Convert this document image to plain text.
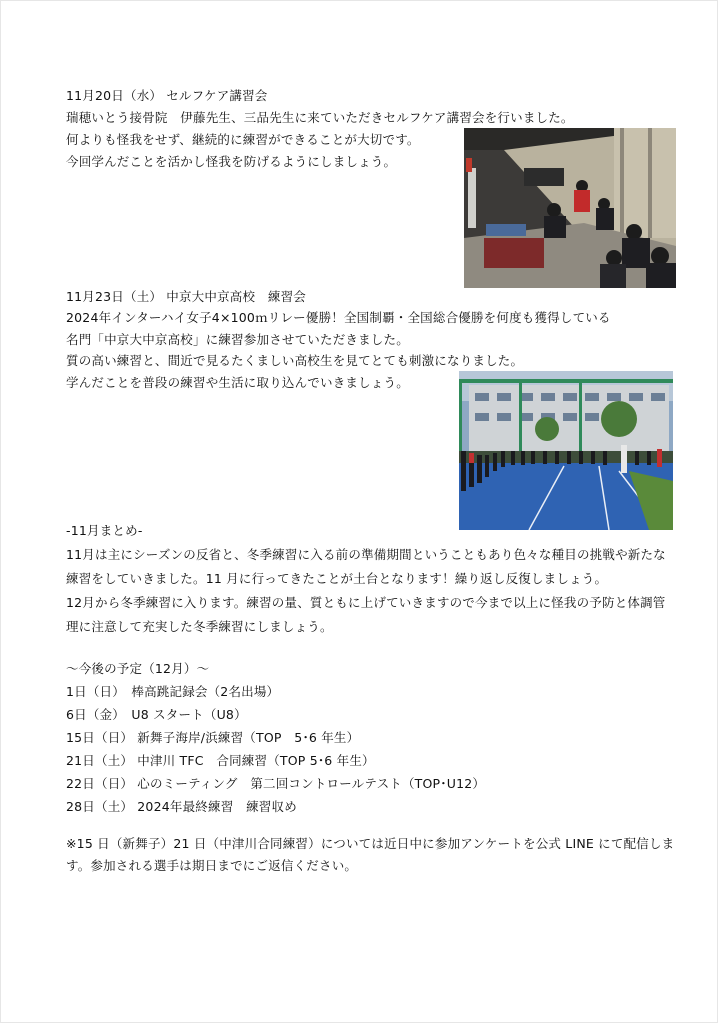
11月20日（水） セルフケア講習会
瑞穂いとう接骨院　伊藤先生、三品先生に来ていただきセルフケア講習会を行いました。
何よりも怪我をせず、継続的に練習ができることが大切です。
今回学んだことを活かし怪我を防げるようにしましょう。
11月23日（土） 中京大中京高校　練習会
2024年インターハイ女子4×100ｍリレー優勝！全国制覇・全国総合優勝を何度も獲得している
名門「中京大中京高校」に練習参加させていただきました。
質の高い練習と、間近で見るたくましい高校生を見てとても刺激になりました。
学んだことを普段の練習や生活に取り込んでいきましょう。
-11月まとめ-
11月は主にシーズンの反省と、冬季練習に入る前の準備期間ということもあり色々な種目の挑戦や新たな
練習をしていきました。11 月に行ってきたことが土台となります！繰り返し反復しましょう。
12月から冬季練習に入ります。練習の量、質ともに上げていきますので今まで以上に怪我の予防と体調管
理に注意して充実した冬季練習にしましょう。
～今後の予定（12月）～
1日（日）　棒高跳記録会（2名出場）
6日（金）　U8 スタート（U8）
15日（日） 新舞子海岸/浜練習（TOP　5･6 年生）
21日（土） 中津川 TFC　合同練習（TOP 5･6 年生）
22日（日） 心のミーティング　第二回コントロールテスト（TOP･U12）
28日（土） 2024年最終練習　練習収め
※15 日（新舞子）21 日（中津川合同練習）については近日中に参加アンケートを公式 LINE にて配信しま
す。参加される選手は期日までにご返信ください。
